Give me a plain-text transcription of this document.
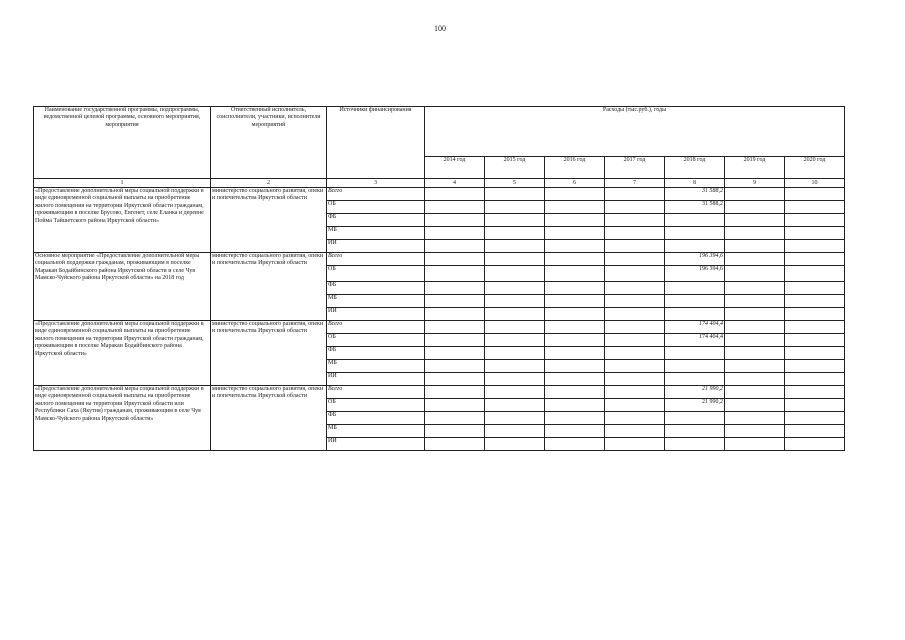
100
Наименование государственной программы, подпрограммы, ведомственной целевой программы, основного мероприятия, мероприятия	Ответственный исполнитель, соисполнители, участники, исполнители мероприятий	Источники финансирования	Расходы (тыс.руб.), годы						
			2014 год	2015 год	2016 год	2017 год	2018 год	2019 год	2020 год
1	2	3	4	5	6	7	8	9	10
«Предоставление дополнительной меры социальной поддержки в виде единовременной социальной выплаты на приобретение жилого помещения на территории Иркутской области гражданам, проживающим в поселке Брусово, Евгенет, селе Еланка и деревне Пойма Тайшетского района Иркутской области»	министерство социального развития, опеки и попечительства Иркутской области	Всего					31 588,2		
		ОБ					31 588,2		
		ФБ							
		МБ							
		ИИ							
Основное мероприятие «Предоставление дополнительной меры социальной поддержки гражданам, проживающим в поселке Маракан Бодайбинского района Иркутской области и селе Чуя Мамско-Чуйского района Иркутской области» на 2018 год	министерство социального развития, опеки и попечительства Иркутской области	Всего					196 394,6		
		ОБ					196 394,6		
		ФБ							
		МБ							
		ИИ							
«Предоставление дополнительной меры социальной поддержки в виде единовременной социальной выплаты на приобретение жилого помещения на территории Иркутской области гражданам, проживающим в поселке Маракан Бодайбинского района Иркутской области»	министерство социального развития, опеки и попечительства Иркутской области	Всего					174 404,4		
		ОБ					174 404,4		
		ФБ							
		МБ							
		ИИ							
«Предоставление дополнительной меры социальной поддержки в виде единовременной социальной выплаты на приобретение жилого помещения на территории Иркутской области или Республики Саха (Якутия) гражданам, проживающим в селе Чуя Мамско-Чуйского района Иркутской области»	министерство социального развития, опеки и попечительства Иркутской области	Всего					21 990,2		
		ОБ					21 990,2		
		ФБ							
		МБ							
		ИИ							
